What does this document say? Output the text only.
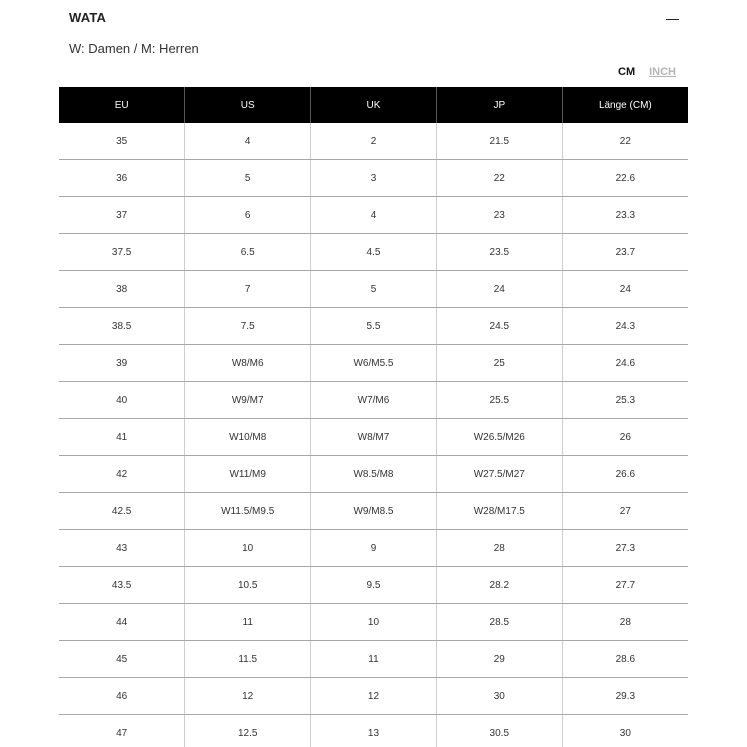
WATA
W: Damen / M: Herren
CM INCH
EU	US	UK	JP	Länge (CM)
35	4	2	21.5	22
36	5	3	22	22.6
37	6	4	23	23.3
37.5	6.5	4.5	23.5	23.7
38	7	5	24	24
38.5	7.5	5.5	24.5	24.3
39	W8/M6	W6/M5.5	25	24.6
40	W9/M7	W7/M6	25.5	25.3
41	W10/M8	W8/M7	W26.5/M26	26
42	W11/M9	W8.5/M8	W27.5/M27	26.6
42.5	W11.5/M9.5	W9/M8.5	W28/M17.5	27
43	10	9	28	27.3
43.5	10.5	9.5	28.2	27.7
44	11	10	28.5	28
45	11.5	11	29	28.6
46	12	12	30	29.3
47	12.5	13	30.5	30
